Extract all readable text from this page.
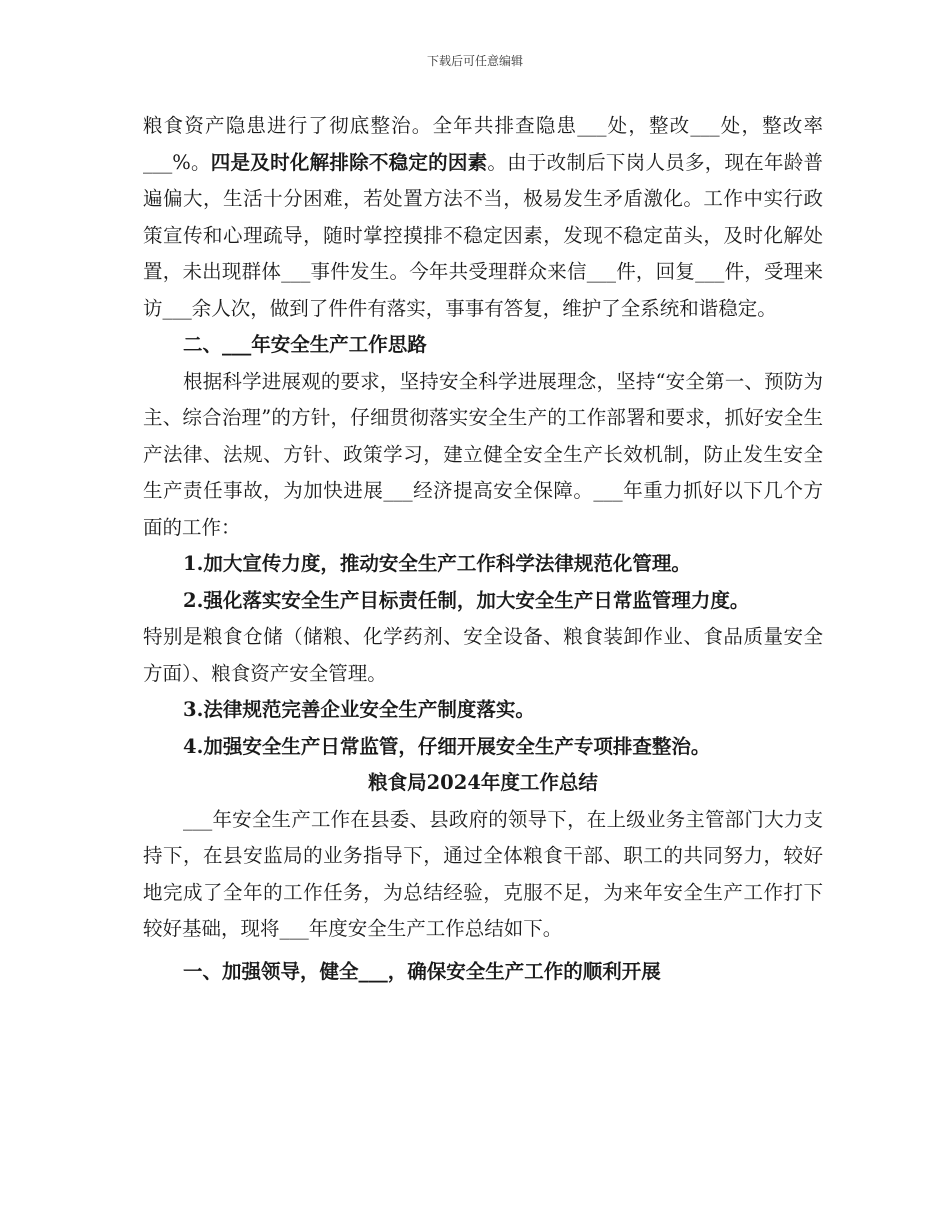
下载后可任意编辑

粮食资产隐患进行了彻底整治。全年共排查隐患___处，整改___处，整改率___%。四是及时化解排除不稳定的因素。由于改制后下岗人员多，现在年龄普遍偏大，生活十分困难，若处置方法不当，极易发生矛盾激化。工作中实行政策宣传和心理疏导，随时掌控摸排不稳定因素，发现不稳定苗头，及时化解处置，未出现群体___事件发生。今年共受理群众来信___件，回复___件，受理来访___余人次，做到了件件有落实，事事有答复，维护了全系统和谐稳定。

二、___年安全生产工作思路

根据科学进展观的要求，坚持安全科学进展理念，坚持“安全第一、预防为主、综合治理”的方针，仔细贯彻落实安全生产的工作部署和要求，抓好安全生产法律、法规、方针、政策学习，建立健全安全生产长效机制，防止发生安全生产责任事故，为加快进展___经济提高安全保障。___年重力抓好以下几个方面的工作：

1.加大宣传力度，推动安全生产工作科学法律规范化管理。

2.强化落实安全生产目标责任制，加大安全生产日常监管理力度。
特别是粮食仓储（储粮、化学药剂、安全设备、粮食装卸作业、食品质量安全方面）、粮食资产安全管理。

3.法律规范完善企业安全生产制度落实。

4.加强安全生产日常监管，仔细开展安全生产专项排查整治。

粮食局2024年度工作总结

___年安全生产工作在县委、县政府的领导下，在上级业务主管部门大力支持下，在县安监局的业务指导下，通过全体粮食干部、职工的共同努力，较好地完成了全年的工作任务，为总结经验，克服不足，为来年安全生产工作打下较好基础，现将___年度安全生产工作总结如下。

一、加强领导，健全___，确保安全生产工作的顺利开展
